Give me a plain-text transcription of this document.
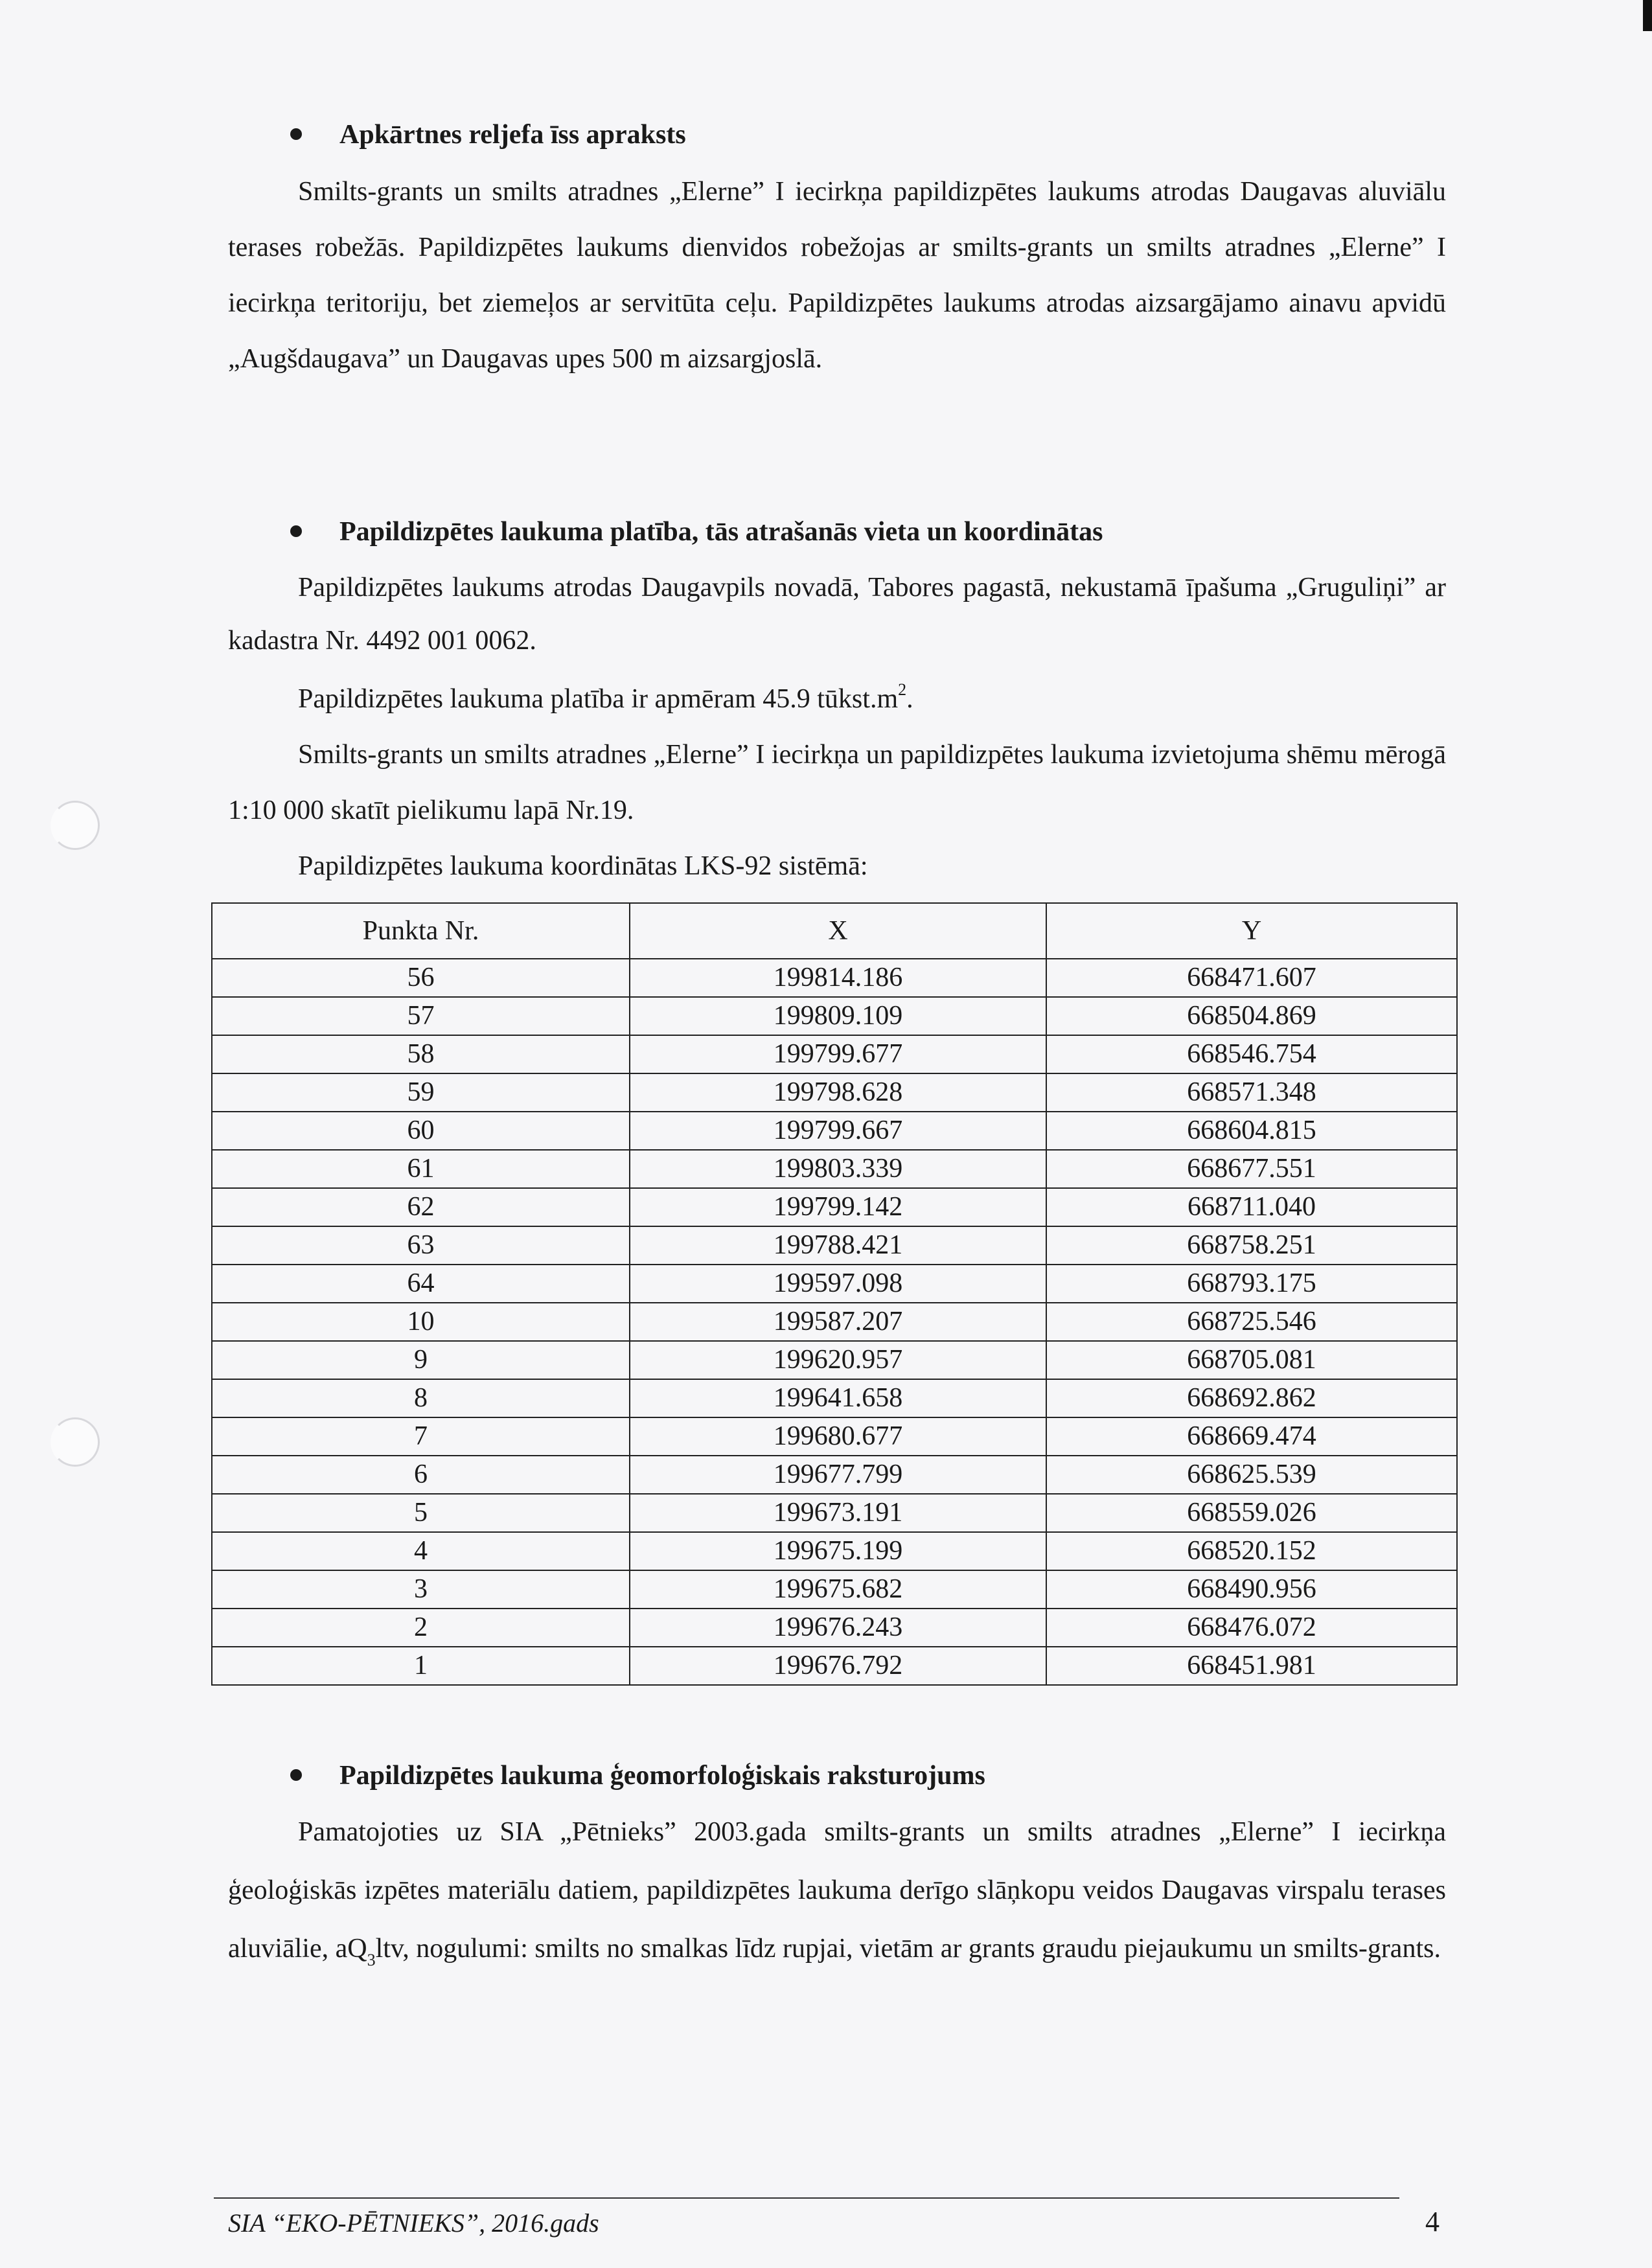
Apkārtnes reljefa īss apraksts

Smilts-grants un smilts atradnes „Elerne” I iecirkņa papildizpētes laukums atrodas Daugavas aluviālu terases robežās. Papildizpētes laukums dienvidos robežojas ar smilts-grants un smilts atradnes „Elerne” I iecirkņa teritoriju, bet ziemeļos ar servitūta ceļu. Papildizpētes laukums atrodas aizsargājamo ainavu apvidū „Augšdaugava” un Daugavas upes 500 m aizsargjoslā.

Papildizpētes laukuma platība, tās atrašanās vieta un koordinātas

Papildizpētes laukums atrodas Daugavpils novadā, Tabores pagastā, nekustamā īpašuma „Gruguliņi” ar kadastra Nr. 4492 001 0062.

Papildizpētes laukuma platība ir apmēram 45.9 $tūkst.m^2$.

Smilts-grants un smilts atradnes „Elerne” I iecirkņa un papildizpētes laukuma izvietojuma shēmu mērogā 1:10 000 skatīt pielikumu lapā Nr.19.

Papildizpētes laukuma koordinātas LKS-92 sistēmā:

Punkta Nr.	X	Y
56	199814.186	668471.607
57	199809.109	668504.869
58	199799.677	668546.754
59	199798.628	668571.348
60	199799.667	668604.815
61	199803.339	668677.551
62	199799.142	668711.040
63	199788.421	668758.251
64	199597.098	668793.175
10	199587.207	668725.546
9	199620.957	668705.081
8	199641.658	668692.862
7	199680.677	668669.474
6	199677.799	668625.539
5	199673.191	668559.026
4	199675.199	668520.152
3	199675.682	668490.956
2	199676.243	668476.072
1	199676.792	668451.981
Papildizpētes laukuma ģeomorfoloģiskais raksturojums

Pamatojoties uz SIA „Pētnieks” 2003.gada smilts-grants un smilts atradnes „Elerne” I iecirkņa ģeoloģiskās izpētes materiālu datiem, papildizpētes laukuma derīgo slāņkopu veidos Daugavas virspalu terases aluviālie, $aQ_3ltv$, nogulumi: smilts no smalkas līdz rupjai, vietām ar grants graudu piejaukumu un smilts-grants.

SIA “EKO-PĒTNIEKS”, 2016.gads	4
